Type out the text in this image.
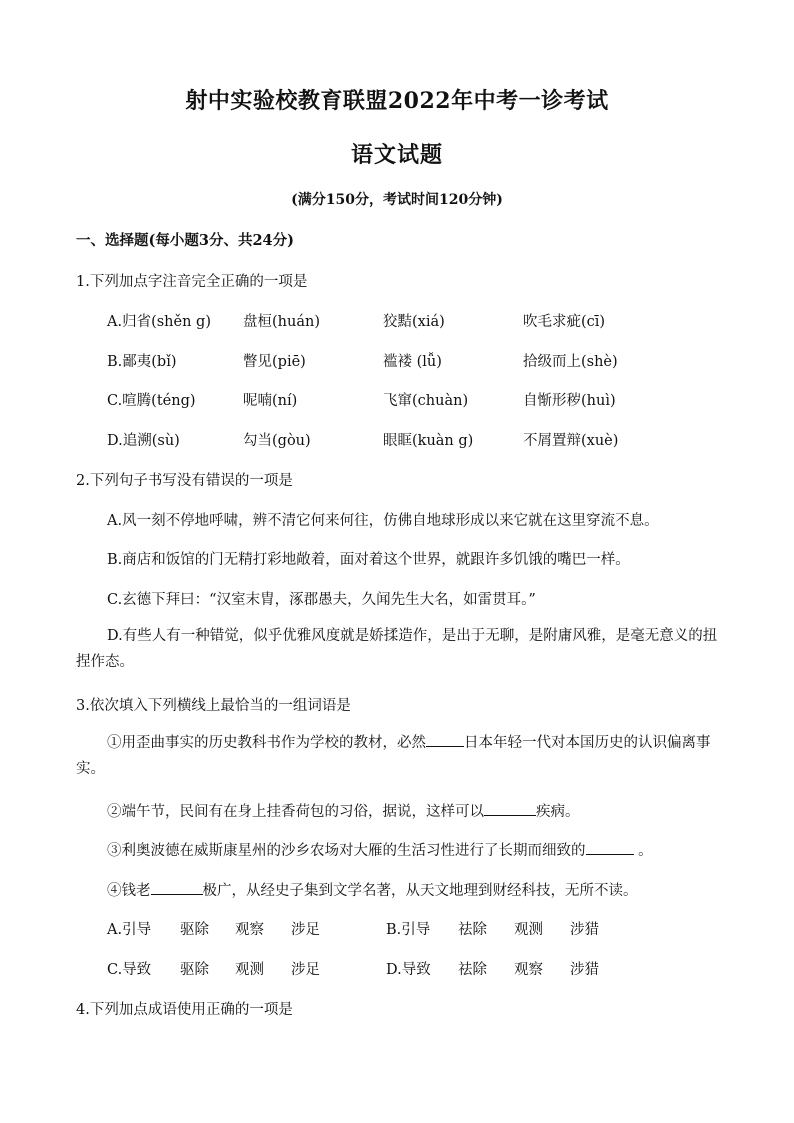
射中实验校教育联盟2022年中考一诊考试
语文试题
(满分150分，考试时间120分钟)
一、选择题(每小题3分、共24分)
1.下列加点字注音完全正确的一项是
A.归省(shěn g) 盘桓(huán)	狡黠(xiá)	吹毛求疵(cī)
B.鄙夷(bǐ)	瞥见(piē)	褴褛 (lǚ)	拾级而上(shè)
C.喧腾(téng)	呢喃(ní)	飞窜(chuàn)	自惭形秽(huì)
D.追溯(sù)	勾当(gòu)	眼眶(kuàn g)	不屑置辩(xuè)
2.下列句子书写没有错误的一项是
A.风一刻不停地呼啸，辨不清它何来何往，仿佛自地球形成以来它就在这里穿流不息。
B.商店和饭馆的门无精打彩地敞着，面对着这个世界，就跟许多饥饿的嘴巴一样。
C.玄德下拜曰：“汉室末胄，涿郡愚夫，久闻先生大名，如雷贯耳。”
D.有些人有一种错觉，似乎优雅风度就是娇揉造作，是出于无聊，是附庸风雅，是毫无意义的扭捏作态。
3.依次填入下列横线上最恰当的一组词语是
①用歪曲事实的历史教科书作为学校的教材，必然	日本年轻一代对本国历史的认识偏离事实。
②端午节，民间有在身上挂香荷包的习俗，据说，这样可以	疾病。
③利奥波德在威斯康星州的沙乡农场对大雁的生活习性进行了长期而细致的	。
④钱老	极广，从经史子集到文学名著，从天文地理到财经科技，无所不读。
A.引导 驱除 观察 涉足	B.引导 祛除 观测 涉猎
C.导致 驱除 观测 涉足	D.导致 祛除 观察 涉猎
4.下列加点成语使用正确的一项是
